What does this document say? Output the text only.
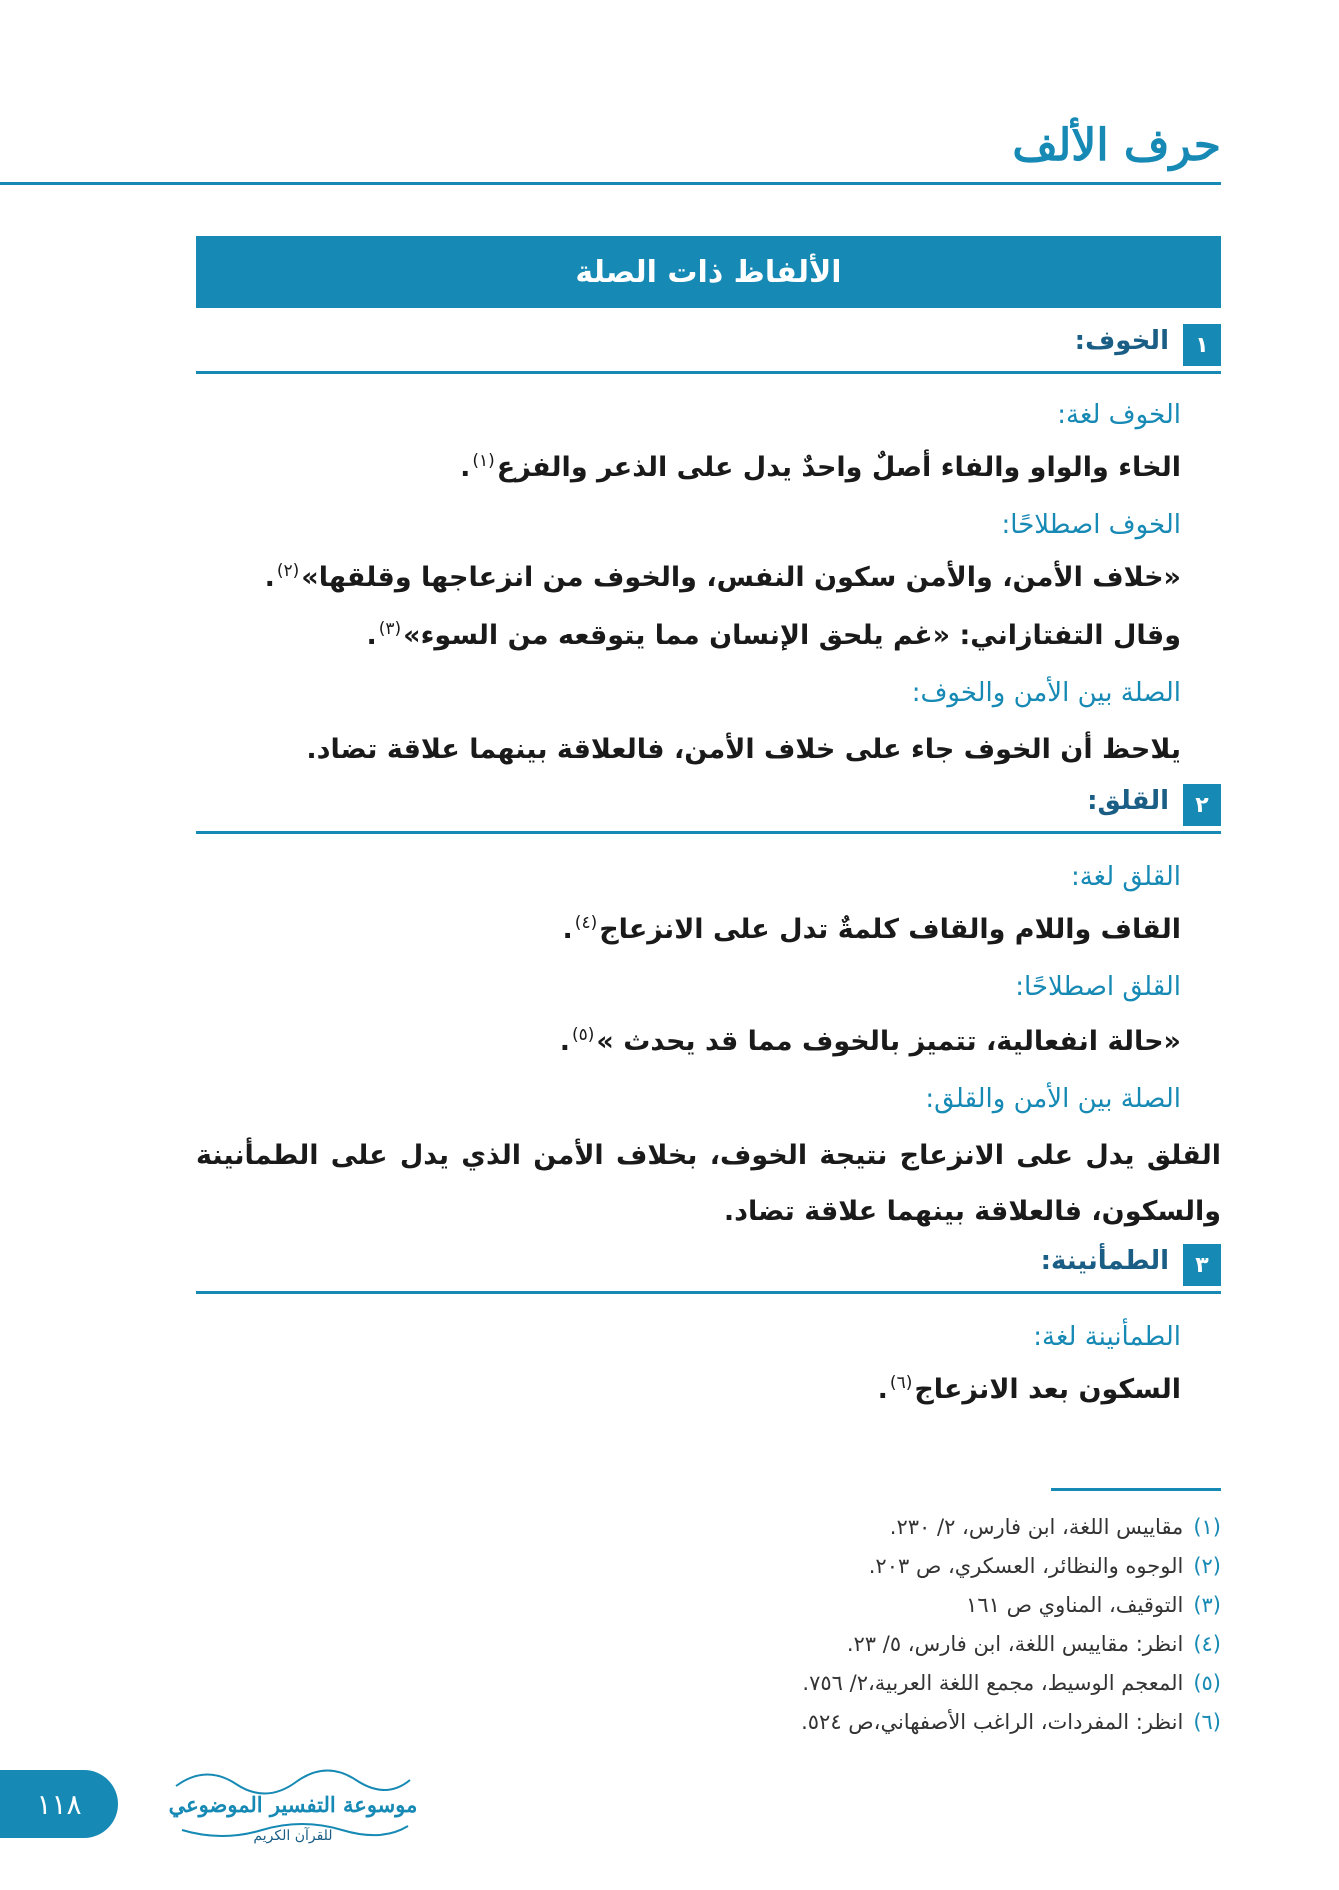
حرف الألف
الألفاظ ذات الصلة
١
الخوف:
الخوف لغة:
الخاء والواو والفاء أصلٌ واحدٌ يدل على الذعر والفزع$^{(١)}$.
الخوف اصطلاحًا:
«خلاف الأمن، والأمن سكون النفس، والخوف من انزعاجها وقلقها»$^{(٢)}$.
وقال التفتازاني: «غم يلحق الإنسان مما يتوقعه من السوء»$^{(٣)}$.
الصلة بين الأمن والخوف:
يلاحظ أن الخوف جاء على خلاف الأمن، فالعلاقة بينهما علاقة تضاد.
٢
القلق:
القلق لغة:
القاف واللام والقاف كلمةٌ تدل على الانزعاج$^{(٤)}$.
القلق اصطلاحًا:
«حالة انفعالية، تتميز بالخوف مما قد يحدث »$^{(٥)}$.
الصلة بين الأمن والقلق:
القلق يدل على الانزعاج نتيجة الخوف، بخلاف الأمن الذي يدل على الطمأنينة والسكون، فالعلاقة بينهما علاقة تضاد.
٣
الطمأنينة:
الطمأنينة لغة:
السكون بعد الانزعاج$^{(٦)}$.
(١)مقاييس اللغة، ابن فارس، ٢/ ٢٣٠.
(٢)الوجوه والنظائر، العسكري، ص ٢٠٣.
(٣)التوقيف، المناوي ص ١٦١
(٤)انظر: مقاييس اللغة، ابن فارس، ٥/ ٢٣.
(٥)المعجم الوسيط، مجمع اللغة العربية،٢/ ٧٥٦.
(٦)انظر: المفردات، الراغب الأصفهاني،ص ٥٢٤.
١١٨	موسوعة التفسير الموضوعي
للقرآن الكريم
